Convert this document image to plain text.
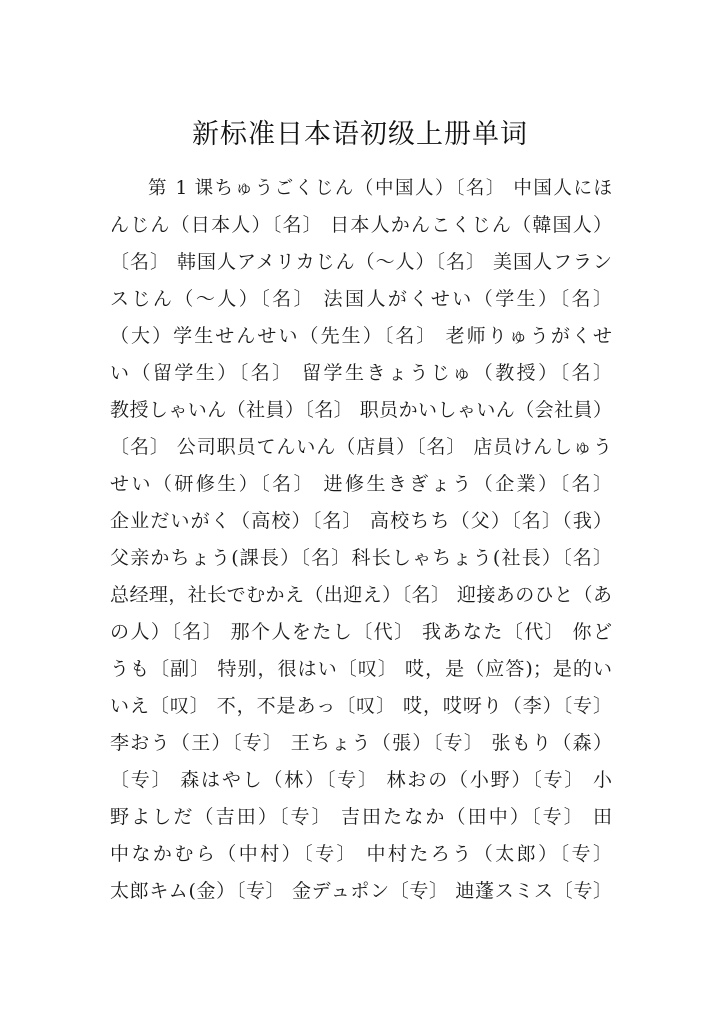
新标准日本语初级上册单词
第 1 课ちゅうごくじん（中国人）〔名〕 中国人にほ
んじん（日本人）〔名〕 日本人かんこくじん（韓国人）
〔名〕 韩国人アメリカじん（～人）〔名〕 美国人フラン
スじん（～人）〔名〕 法国人がくせい（学生）〔名〕
（大）学生せんせい（先生）〔名〕 老师りゅうがくせ
い（留学生）〔名〕 留学生きょうじゅ（教授）〔名〕
教授しゃいん（社員）〔名〕 职员かいしゃいん（会社員）
〔名〕 公司职员てんいん（店員）〔名〕 店员けんしゅう
せい（研修生）〔名〕 进修生きぎょう（企業）〔名〕
企业だいがく（高校）〔名〕 高校ちち（父）〔名〕（我）
父亲かちょう(課長）〔名〕科长しゃちょう(社長）〔名〕
总经理，社长でむかえ（出迎え）〔名〕 迎接あのひと（あ
の人）〔名〕 那个人をたし〔代〕 我あなた〔代〕 你ど
うも〔副〕 特别，很はい〔叹〕 哎，是（应答)；是的い
いえ〔叹〕 不，不是あっ〔叹〕 哎，哎呀り（李）〔专〕
李おう（王）〔专〕 王ちょう（張）〔专〕 张もり（森）
〔专〕 森はやし（林）〔专〕 林おの（小野）〔专〕 小
野よしだ（吉田）〔专〕 吉田たなか（田中）〔专〕 田
中なかむら（中村）〔专〕 中村たろう（太郎）〔专〕
太郎キム(金）〔专〕 金デュポン〔专〕 迪蓬スミス〔专〕
